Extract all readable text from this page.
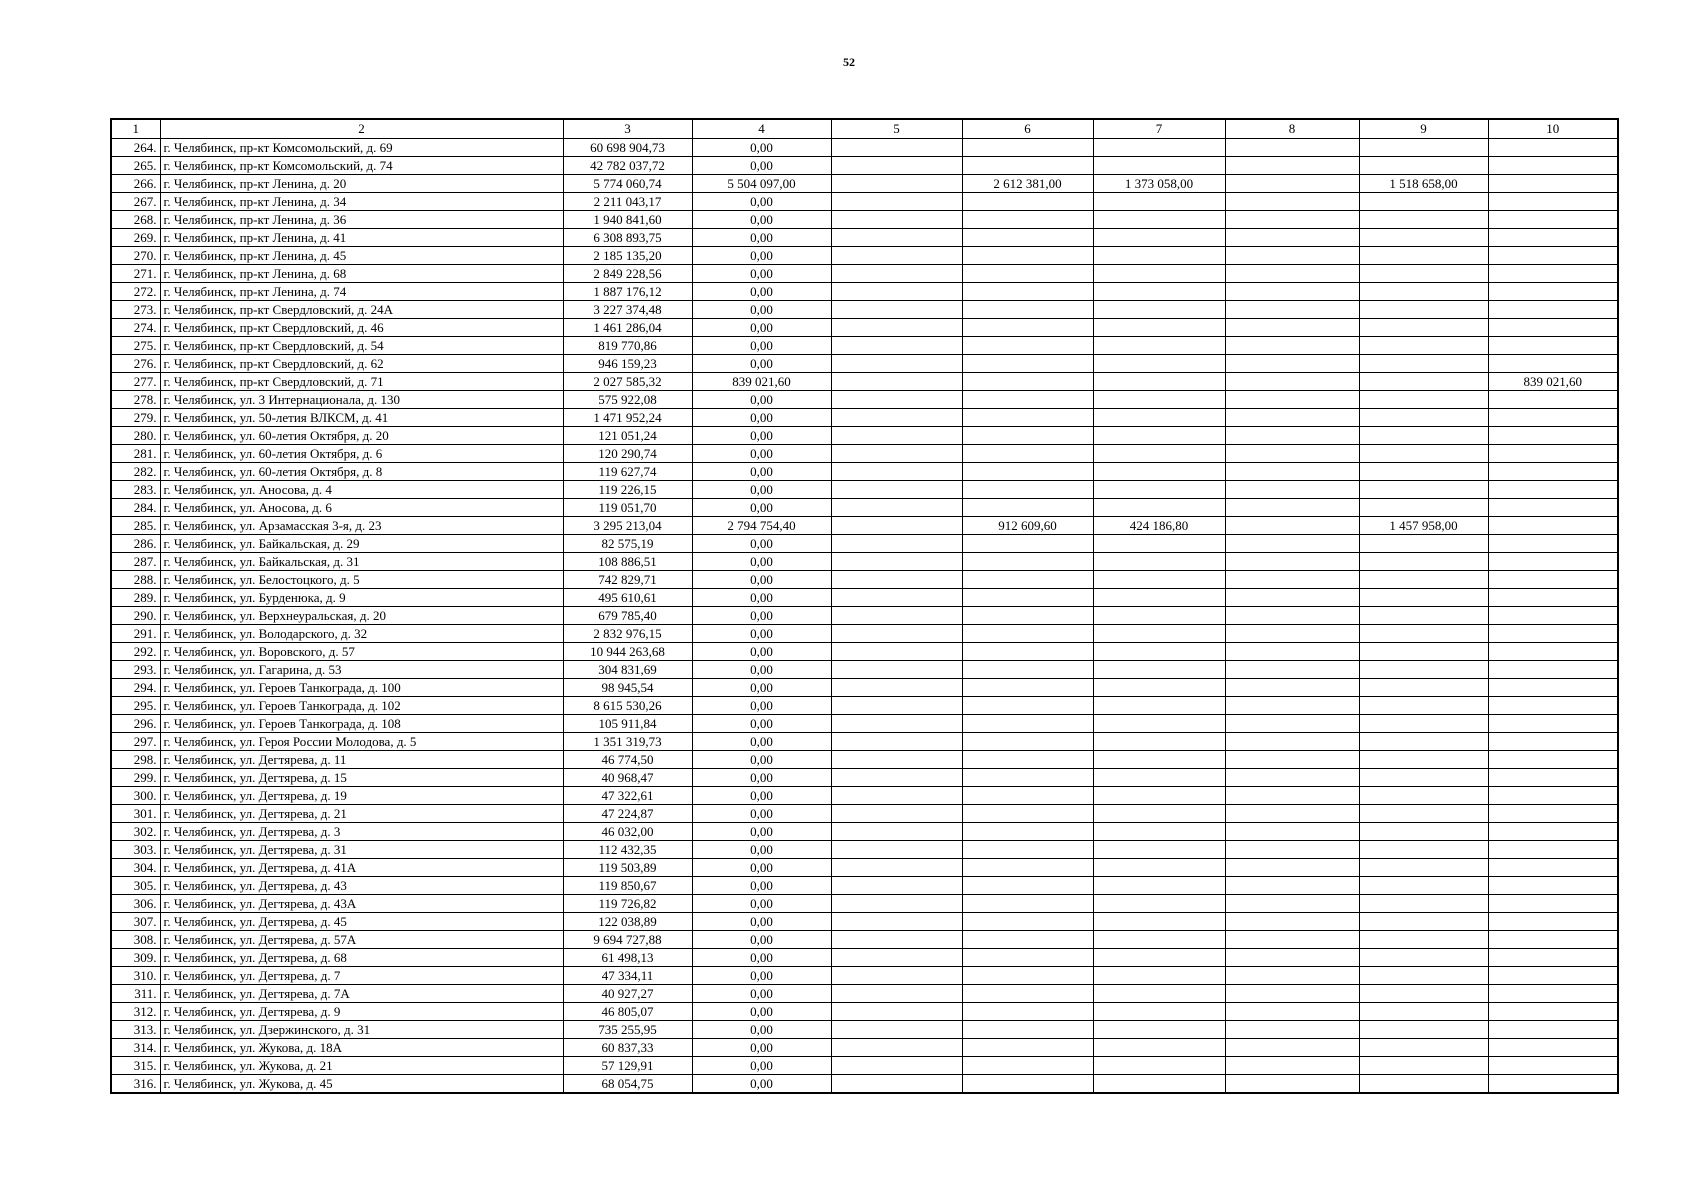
52
1	2	3	4	5	6	7	8	9	10
264.	г. Челябинск, пр-кт Комсомольский, д. 69	60 698 904,73	0,00						
265.	г. Челябинск, пр-кт Комсомольский, д. 74	42 782 037,72	0,00						
266.	г. Челябинск, пр-кт Ленина, д. 20	5 774 060,74	5 504 097,00		2 612 381,00	1 373 058,00		1 518 658,00	
267.	г. Челябинск, пр-кт Ленина, д. 34	2 211 043,17	0,00						
268.	г. Челябинск, пр-кт Ленина, д. 36	1 940 841,60	0,00						
269.	г. Челябинск, пр-кт Ленина, д. 41	6 308 893,75	0,00						
270.	г. Челябинск, пр-кт Ленина, д. 45	2 185 135,20	0,00						
271.	г. Челябинск, пр-кт Ленина, д. 68	2 849 228,56	0,00						
272.	г. Челябинск, пр-кт Ленина, д. 74	1 887 176,12	0,00						
273.	г. Челябинск, пр-кт Свердловский, д. 24А	3 227 374,48	0,00						
274.	г. Челябинск, пр-кт Свердловский, д. 46	1 461 286,04	0,00						
275.	г. Челябинск, пр-кт Свердловский, д. 54	819 770,86	0,00						
276.	г. Челябинск, пр-кт Свердловский, д. 62	946 159,23	0,00						
277.	г. Челябинск, пр-кт Свердловский, д. 71	2 027 585,32	839 021,60						839 021,60
278.	г. Челябинск, ул. 3 Интернационала, д. 130	575 922,08	0,00						
279.	г. Челябинск, ул. 50-летия ВЛКСМ, д. 41	1 471 952,24	0,00						
280.	г. Челябинск, ул. 60-летия Октября, д. 20	121 051,24	0,00						
281.	г. Челябинск, ул. 60-летия Октября, д. 6	120 290,74	0,00						
282.	г. Челябинск, ул. 60-летия Октября, д. 8	119 627,74	0,00						
283.	г. Челябинск, ул. Аносова, д. 4	119 226,15	0,00						
284.	г. Челябинск, ул. Аносова, д. 6	119 051,70	0,00						
285.	г. Челябинск, ул. Арзамасская 3-я, д. 23	3 295 213,04	2 794 754,40		912 609,60	424 186,80		1 457 958,00	
286.	г. Челябинск, ул. Байкальская, д. 29	82 575,19	0,00						
287.	г. Челябинск, ул. Байкальская, д. 31	108 886,51	0,00						
288.	г. Челябинск, ул. Белостоцкого, д. 5	742 829,71	0,00						
289.	г. Челябинск, ул. Бурденюка, д. 9	495 610,61	0,00						
290.	г. Челябинск, ул. Верхнеуральская, д. 20	679 785,40	0,00						
291.	г. Челябинск, ул. Володарского, д. 32	2 832 976,15	0,00						
292.	г. Челябинск, ул. Воровского, д. 57	10 944 263,68	0,00						
293.	г. Челябинск, ул. Гагарина, д. 53	304 831,69	0,00						
294.	г. Челябинск, ул. Героев Танкограда, д. 100	98 945,54	0,00						
295.	г. Челябинск, ул. Героев Танкограда, д. 102	8 615 530,26	0,00						
296.	г. Челябинск, ул. Героев Танкограда, д. 108	105 911,84	0,00						
297.	г. Челябинск, ул. Героя России Молодова, д. 5	1 351 319,73	0,00						
298.	г. Челябинск, ул. Дегтярева, д. 11	46 774,50	0,00						
299.	г. Челябинск, ул. Дегтярева, д. 15	40 968,47	0,00						
300.	г. Челябинск, ул. Дегтярева, д. 19	47 322,61	0,00						
301.	г. Челябинск, ул. Дегтярева, д. 21	47 224,87	0,00						
302.	г. Челябинск, ул. Дегтярева, д. 3	46 032,00	0,00						
303.	г. Челябинск, ул. Дегтярева, д. 31	112 432,35	0,00						
304.	г. Челябинск, ул. Дегтярева, д. 41А	119 503,89	0,00						
305.	г. Челябинск, ул. Дегтярева, д. 43	119 850,67	0,00						
306.	г. Челябинск, ул. Дегтярева, д. 43А	119 726,82	0,00						
307.	г. Челябинск, ул. Дегтярева, д. 45	122 038,89	0,00						
308.	г. Челябинск, ул. Дегтярева, д. 57А	9 694 727,88	0,00						
309.	г. Челябинск, ул. Дегтярева, д. 68	61 498,13	0,00						
310.	г. Челябинск, ул. Дегтярева, д. 7	47 334,11	0,00						
311.	г. Челябинск, ул. Дегтярева, д. 7А	40 927,27	0,00						
312.	г. Челябинск, ул. Дегтярева, д. 9	46 805,07	0,00						
313.	г. Челябинск, ул. Дзержинского, д. 31	735 255,95	0,00						
314.	г. Челябинск, ул. Жукова, д. 18А	60 837,33	0,00						
315.	г. Челябинск, ул. Жукова, д. 21	57 129,91	0,00						
316.	г. Челябинск, ул. Жукова, д. 45	68 054,75	0,00						
